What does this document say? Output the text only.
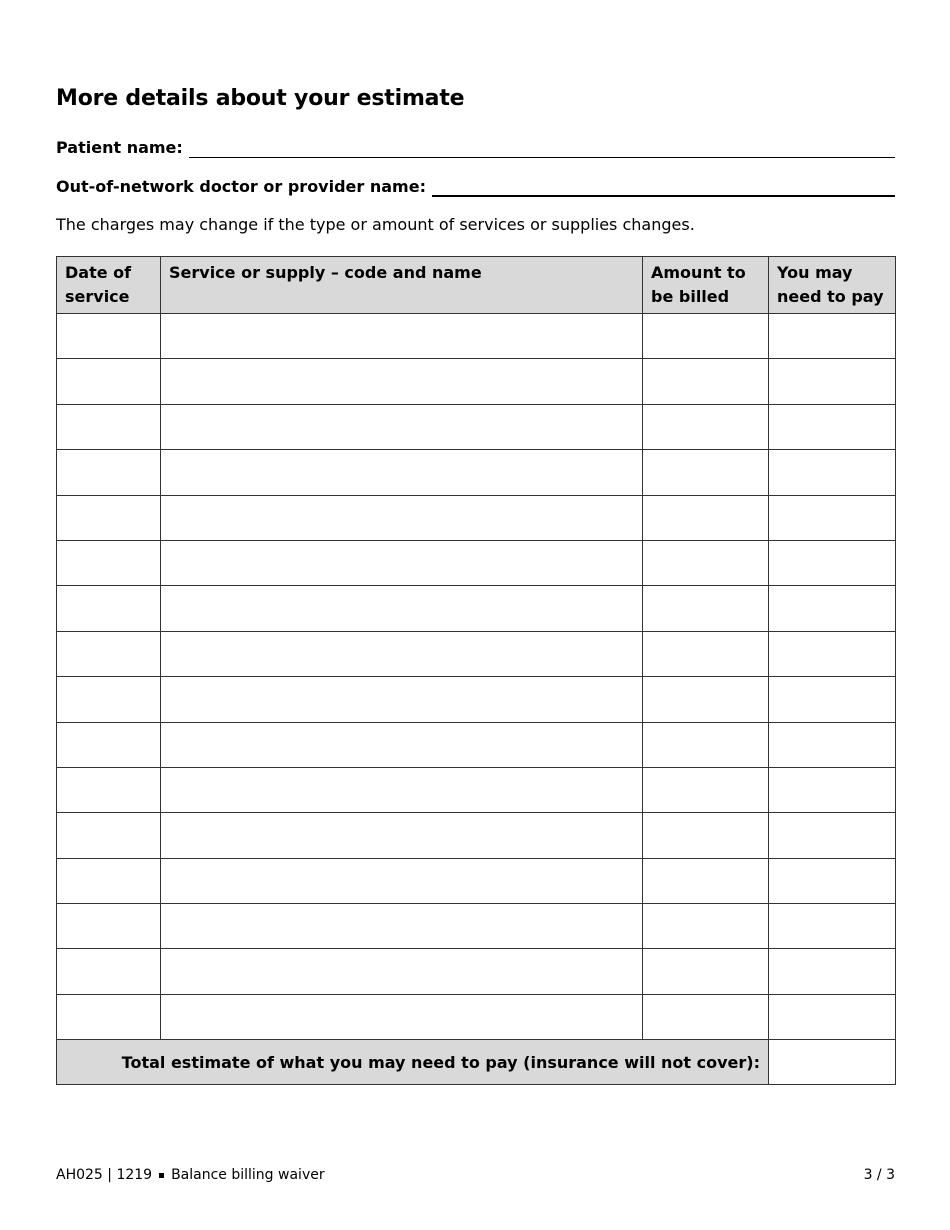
More details about your estimate
Patient name:
Out-of-network doctor or provider name:

The charges may change if the type or amount of services or supplies changes.

Date of service	Service or supply – code and name	Amount to be billed	You may need to pay

Total estimate of what you may need to pay (insurance will not cover):			
AH025 | 1219 Balance billing waiver	3 / 3
